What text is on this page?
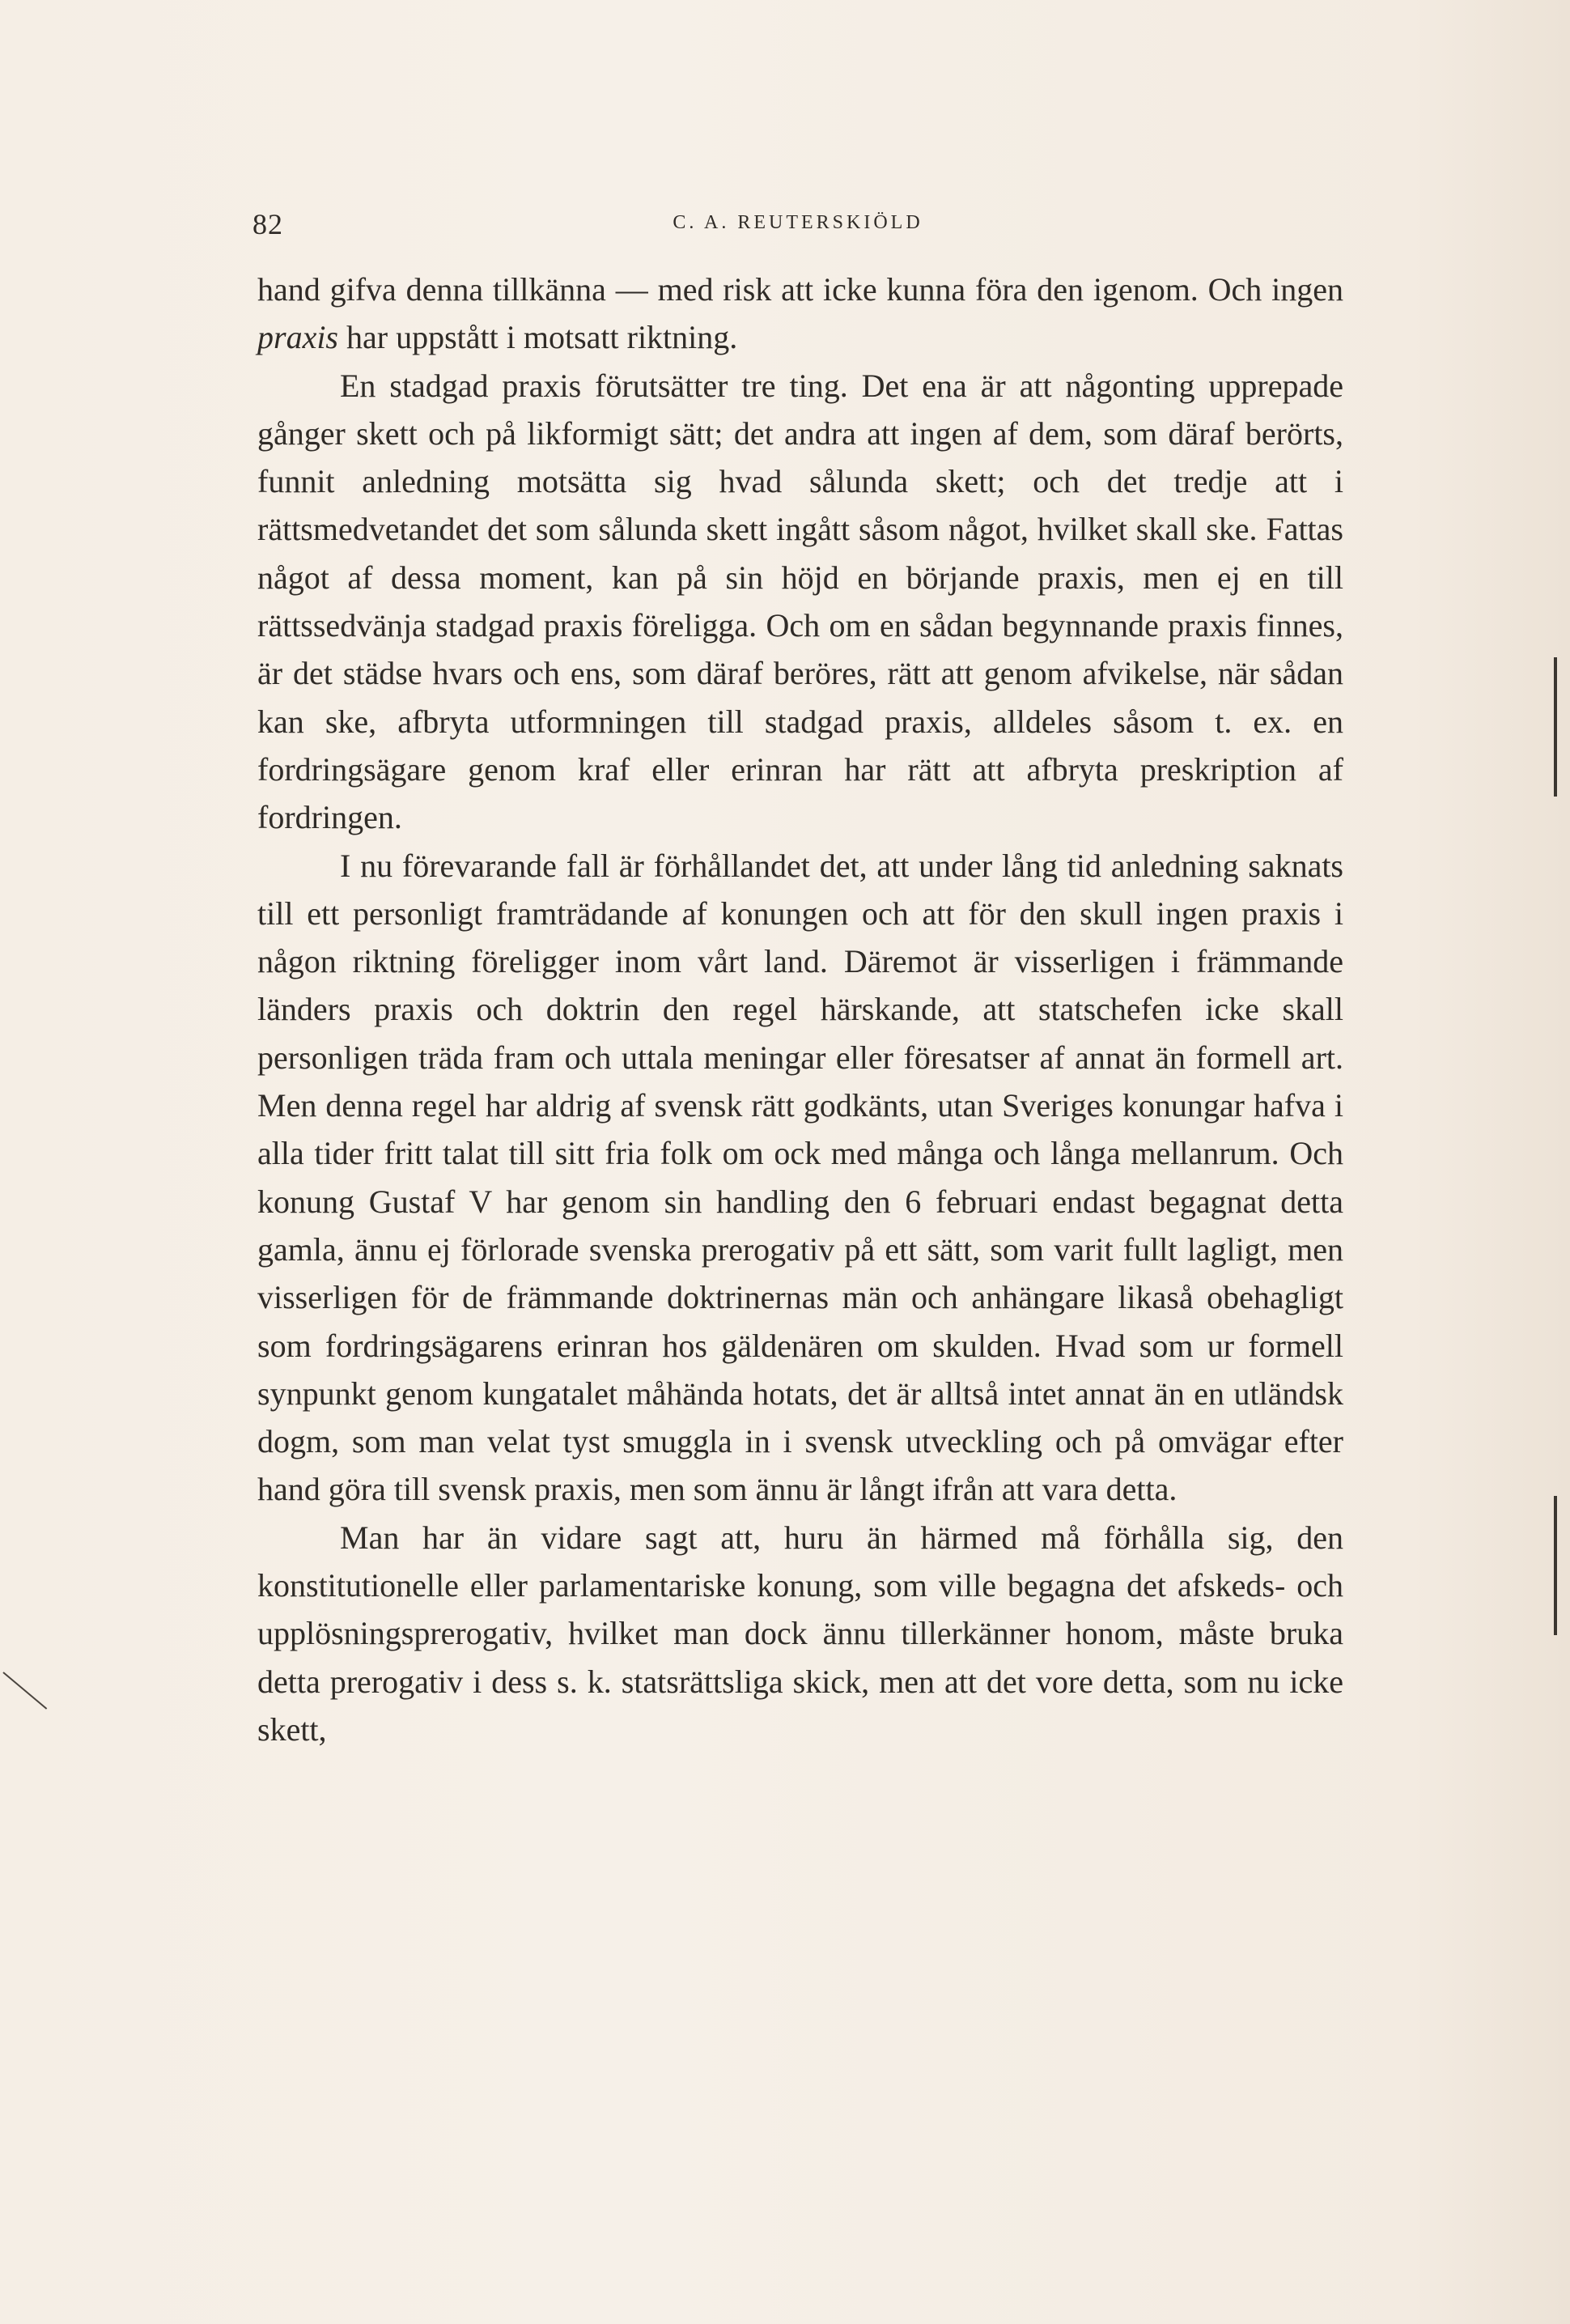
82	C. A. REUTERSKIÖLD

hand gifva denna tillkänna — med risk att icke kunna föra den igenom. Och ingen praxis har uppstått i motsatt riktning.

En stadgad praxis förutsätter tre ting. Det ena är att någonting upprepade gånger skett och på likformigt sätt; det andra att ingen af dem, som däraf berörts, funnit anledning motsätta sig hvad sålunda skett; och det tredje att i rättsmedvetandet det som sålunda skett ingått såsom något, hvilket skall ske. Fattas något af dessa moment, kan på sin höjd en börjande praxis, men ej en till rättssedvänja stadgad praxis föreligga. Och om en sådan begynnande praxis finnes, är det städse hvars och ens, som däraf beröres, rätt att genom afvikelse, när sådan kan ske, afbryta utformningen till stadgad praxis, alldeles såsom t. ex. en fordringsägare genom kraf eller erinran har rätt att afbryta preskription af fordringen.

I nu förevarande fall är förhållandet det, att under lång tid anledning saknats till ett personligt framträdande af konungen och att för den skull ingen praxis i någon riktning föreligger inom vårt land. Däremot är visserligen i främmande länders praxis och doktrin den regel härskande, att statschefen icke skall personligen träda fram och uttala meningar eller föresatser af annat än formell art. Men denna regel har aldrig af svensk rätt godkänts, utan Sveriges konungar hafva i alla tider fritt talat till sitt fria folk om ock med många och långa mellanrum. Och konung Gustaf V har genom sin handling den 6 februari endast begagnat detta gamla, ännu ej förlorade svenska prerogativ på ett sätt, som varit fullt lagligt, men visserligen för de främmande doktrinernas män och anhängare likaså obehagligt som fordringsägarens erinran hos gäldenären om skulden. Hvad som ur formell synpunkt genom kungatalet måhända hotats, det är alltså intet annat än en utländsk dogm, som man velat tyst smuggla in i svensk utveckling och på omvägar efter hand göra till svensk praxis, men som ännu är långt ifrån att vara detta.

Man har än vidare sagt att, huru än härmed må förhålla sig, den konstitutionelle eller parlamentariske konung, som ville begagna det afskeds- och upplösningsprerogativ, hvilket man dock ännu tillerkänner honom, måste bruka detta prerogativ i dess s. k. statsrättsliga skick, men att det vore detta, som nu icke skett,
